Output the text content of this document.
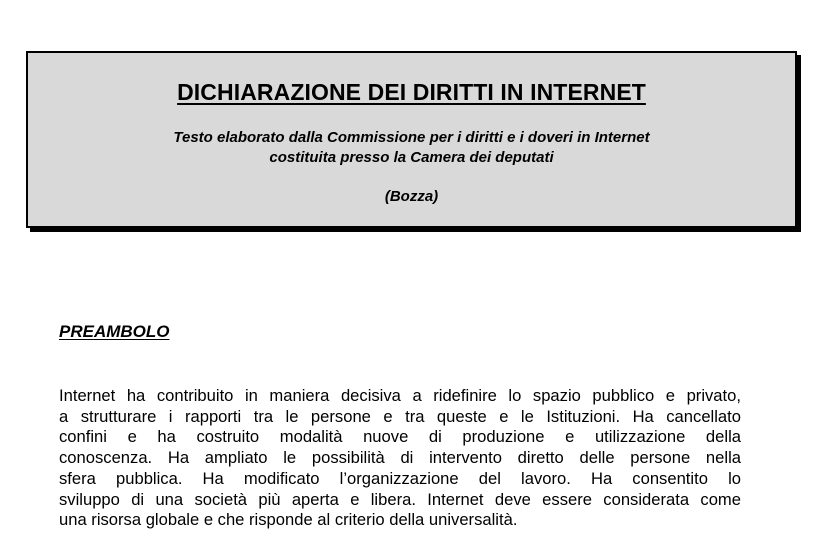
DICHIARAZIONE DEI DIRITTI IN INTERNET
Testo elaborato dalla Commissione per i diritti e i doveri in Internet
costituita presso la Camera dei deputati
(Bozza)
PREAMBOLO
Internet ha contribuito in maniera decisiva a ridefinire lo spazio pubblico e privato,
a strutturare i rapporti tra le persone e tra queste e le Istituzioni. Ha cancellato
confini e ha costruito modalità nuove di produzione e utilizzazione della
conoscenza. Ha ampliato le possibilità di intervento diretto delle persone nella
sfera pubblica. Ha modificato l’organizzazione del lavoro. Ha consentito lo
sviluppo di una società più aperta e libera. Internet deve essere considerata come
una risorsa globale e che risponde al criterio della universalità.
